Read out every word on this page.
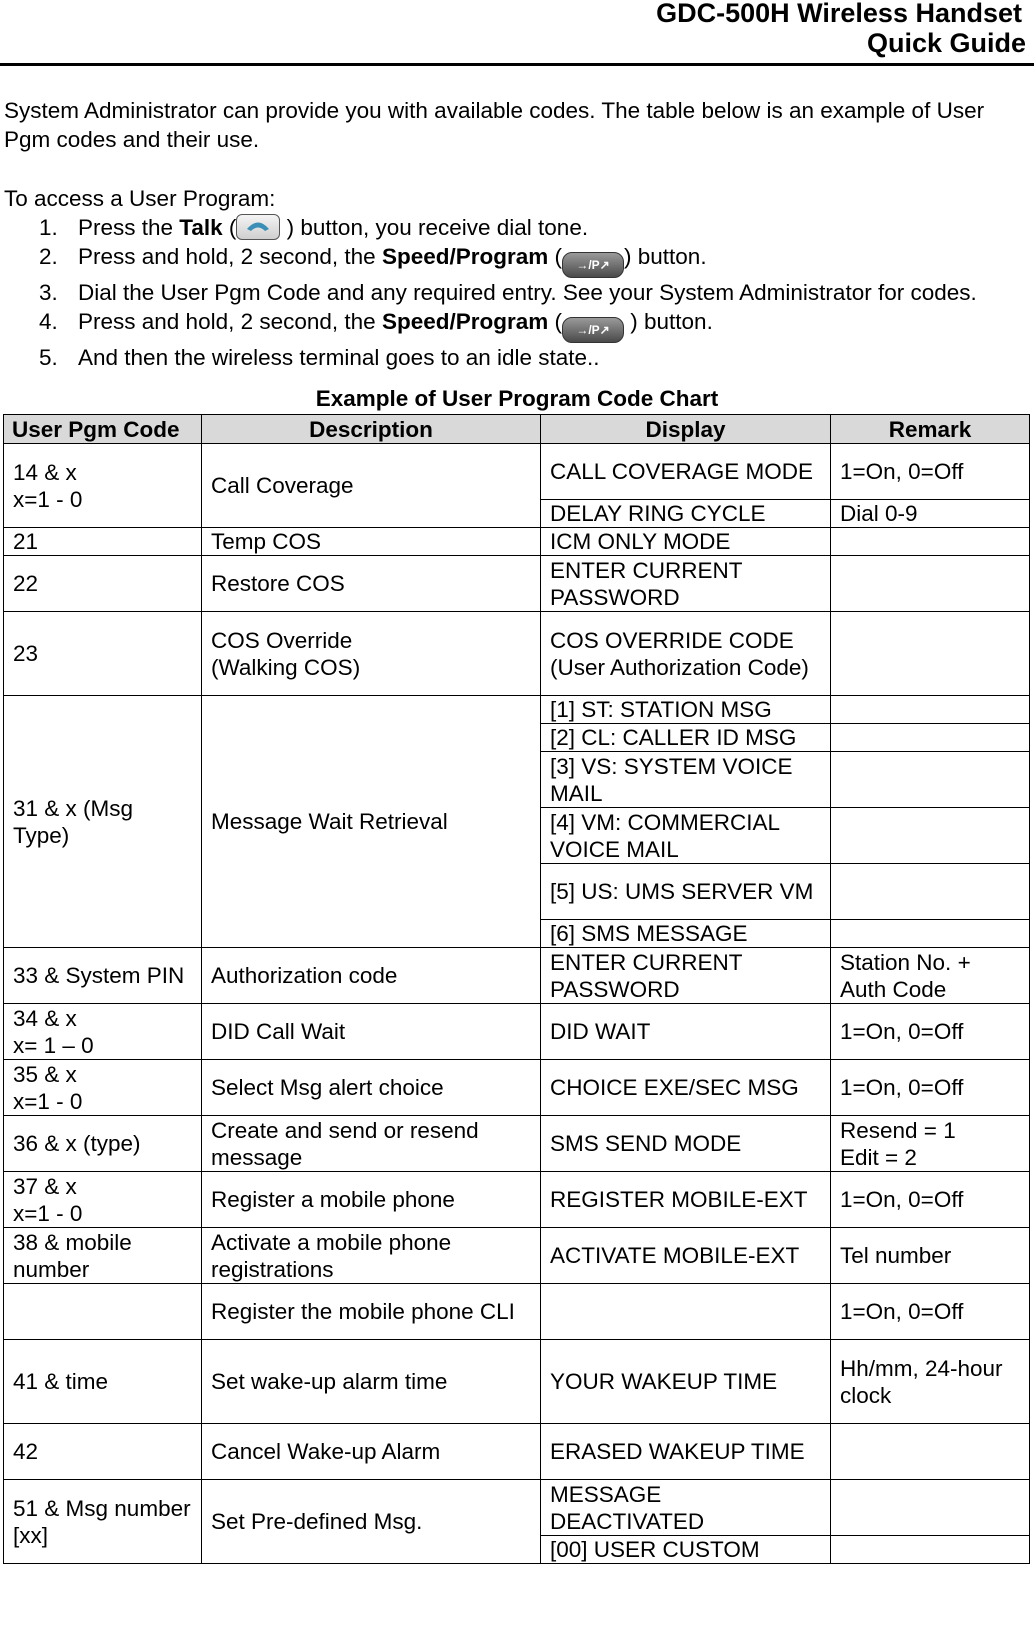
GDC-500H Wireless Handset
Quick Guide
System Administrator can provide you with available codes. The table below is an example of User Pgm codes and their use.
To access a User Program:
1. Press the Talk (
) button, you receive dial tone.
2. Press and hold, 2 second, the Speed/Program ( →/P↗ ) button.
3. Dial the User Pgm Code and any required entry. See your System Administrator for codes.
4. Press and hold, 2 second, the Speed/Program ( →/P↗ ) button.
5. And then the wireless terminal goes to an idle state..
Example of User Program Code Chart
User Pgm Code	Description	Display	Remark
14 & x
x=1 - 0	Call Coverage	CALL COVERAGE MODE	1=On, 0=Off
		DELAY RING CYCLE	Dial 0-9
21	Temp COS	ICM ONLY MODE	
22	Restore COS	ENTER CURRENT PASSWORD	
23	COS Override
(Walking COS)	COS OVERRIDE CODE (User Authorization Code)	
31 & x (Msg Type)	Message Wait Retrieval	[1] ST: STATION MSG	
		[2] CL: CALLER ID MSG	
		[3] VS: SYSTEM VOICE MAIL	
		[4] VM: COMMERCIAL VOICE MAIL	
		[5] US: UMS SERVER VM	
		[6] SMS MESSAGE	
33 & System PIN	Authorization code	ENTER CURRENT PASSWORD	Station No. + Auth Code
34 & x
x= 1 – 0	DID Call Wait	DID WAIT	1=On, 0=Off
35 & x
x=1 - 0	Select Msg alert choice	CHOICE EXE/SEC MSG	1=On, 0=Off
36 & x (type)	Create and send or resend message	SMS SEND MODE	Resend = 1
Edit = 2
37 & x
x=1 - 0	Register a mobile phone	REGISTER MOBILE-EXT	1=On, 0=Off
38 & mobile number	Activate a mobile phone registrations	ACTIVATE MOBILE-EXT	Tel number
	Register the mobile phone CLI		1=On, 0=Off
41 & time	Set wake-up alarm time	YOUR WAKEUP TIME	Hh/mm, 24-hour clock
42	Cancel Wake-up Alarm	ERASED WAKEUP TIME	
51 & Msg number [xx]	Set Pre-defined Msg.	MESSAGE DEACTIVATED	
		[00] USER CUSTOM	
